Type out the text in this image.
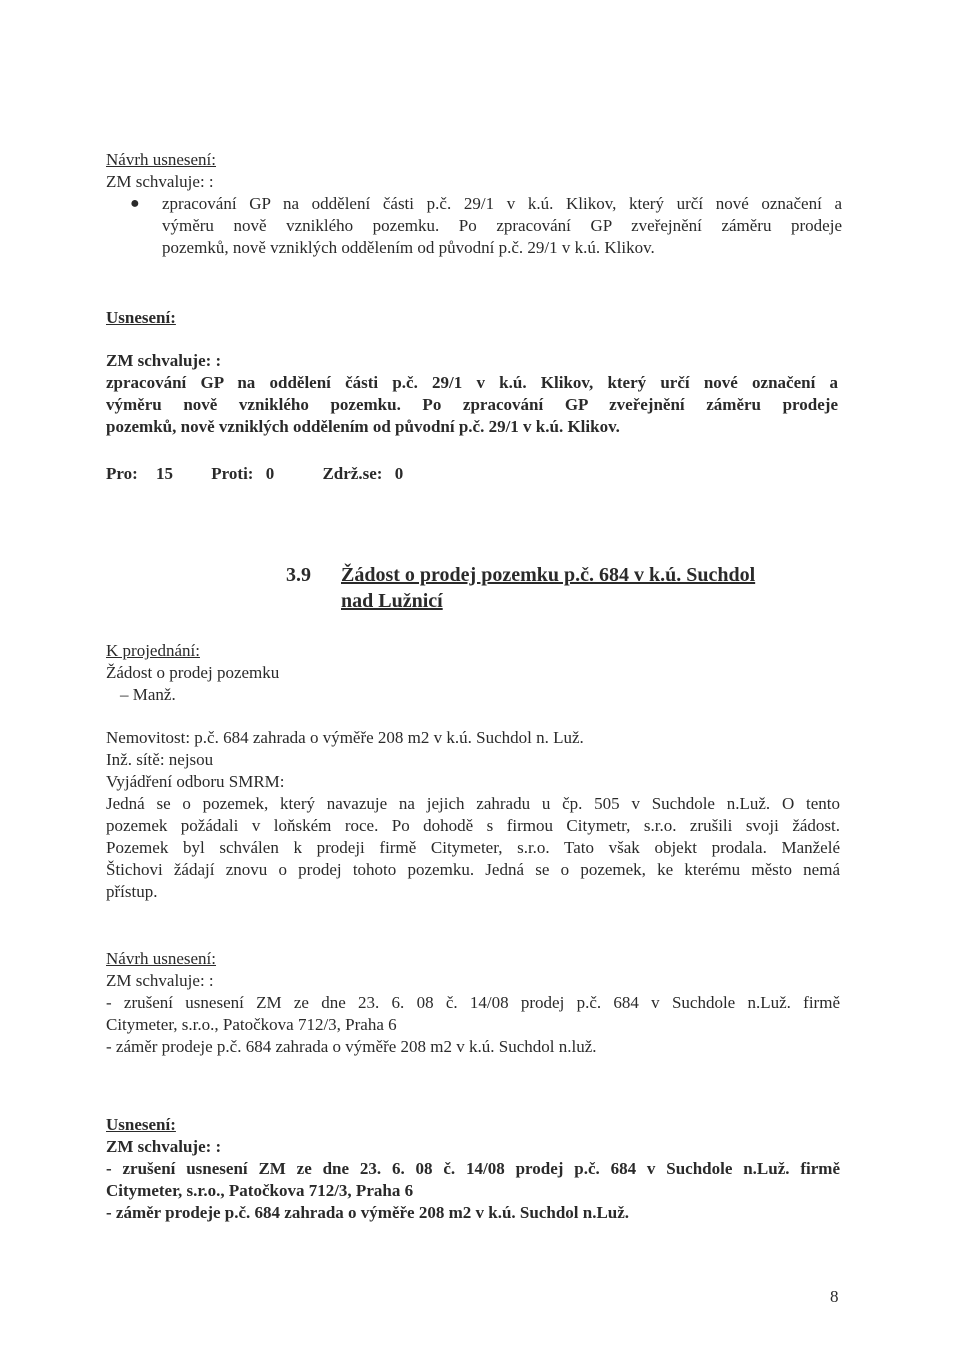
Návrh usnesení:
ZM schvaluje: :
● zpracování GP na oddělení části p.č. 29/1 v k.ú. Klikov, který určí nové označení a
výměru nově vzniklého pozemku. Po zpracování GP zveřejnění záměru prodeje
pozemků, nově vzniklých oddělením od původní p.č. 29/1 v k.ú. Klikov.
Usnesení:
ZM schvaluje: :
zpracování GP na oddělení části p.č. 29/1 v k.ú. Klikov, který určí nové označení a
výměru nově vzniklého pozemku. Po zpracování GP zveřejnění záměru prodeje
pozemků, nově vzniklých oddělením od původní p.č. 29/1 v k.ú. Klikov.
Pro: 15 Proti: 0	Zdrž.se: 0
3.9 Žádost o prodej pozemku p.č. 684 v k.ú. Suchdol
nad Lužnicí
K projednání:
Žádost o prodej pozemku
– Manž.
Nemovitost: p.č. 684 zahrada o výměře 208 m2 v k.ú. Suchdol n. Luž.
Inž. sítě: nejsou
Vyjádření odboru SMRM:
Jedná se o pozemek, který navazuje na jejich zahradu u čp. 505 v Suchdole n.Luž. O tento
pozemek požádali v loňském roce. Po dohodě s firmou Citymetr, s.r.o. zrušili svoji žádost.
Pozemek byl schválen k prodeji firmě Citymeter, s.r.o. Tato však objekt prodala. Manželé
Štichovi žádají znovu o prodej tohoto pozemku. Jedná se o pozemek, ke kterému město nemá
přístup.
Návrh usnesení:
ZM schvaluje: :
- zrušení usnesení ZM ze dne 23. 6. 08 č. 14/08 prodej p.č. 684 v Suchdole n.Luž. firmě
Citymeter, s.r.o., Patočkova 712/3, Praha 6
- záměr prodeje p.č. 684 zahrada o výměře 208 m2 v k.ú. Suchdol n.luž.
Usnesení:
ZM schvaluje: :
- zrušení usnesení ZM ze dne 23. 6. 08 č. 14/08 prodej p.č. 684 v Suchdole n.Luž. firmě
Citymeter, s.r.o., Patočkova 712/3, Praha 6
- záměr prodeje p.č. 684 zahrada o výměře 208 m2 v k.ú. Suchdol n.Luž.
8
